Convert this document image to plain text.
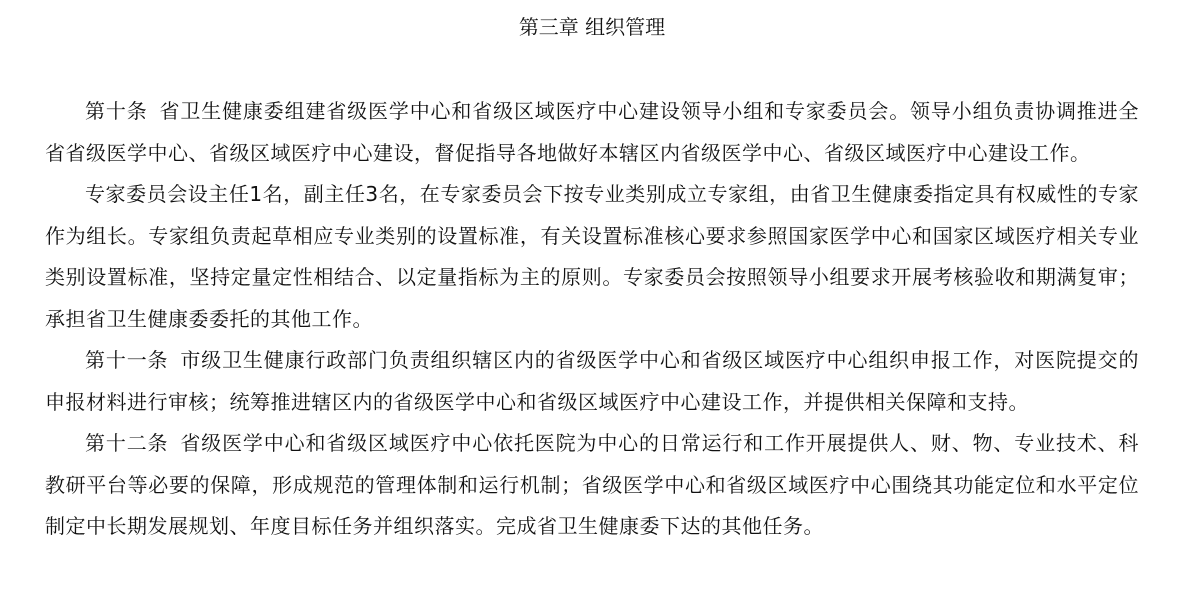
第三章 组织管理

第十条 省卫生健康委组建省级医学中心和省级区域医疗中心建设领导小组和专家委员会。领导小组负责协调推进全省省级医学中心、省级区域医疗中心建设，督促指导各地做好本辖区内省级医学中心、省级区域医疗中心建设工作。

专家委员会设主任1名，副主任3名，在专家委员会下按专业类别成立专家组，由省卫生健康委指定具有权威性的专家作为组长。专家组负责起草相应专业类别的设置标准，有关设置标准核心要求参照国家医学中心和国家区域医疗相关专业类别设置标准，坚持定量定性相结合、以定量指标为主的原则。专家委员会按照领导小组要求开展考核验收和期满复审；承担省卫生健康委委托的其他工作。

第十一条 市级卫生健康行政部门负责组织辖区内的省级医学中心和省级区域医疗中心组织申报工作，对医院提交的申报材料进行审核；统筹推进辖区内的省级医学中心和省级区域医疗中心建设工作，并提供相关保障和支持。

第十二条 省级医学中心和省级区域医疗中心依托医院为中心的日常运行和工作开展提供人、财、物、专业技术、科教研平台等必要的保障，形成规范的管理体制和运行机制；省级医学中心和省级区域医疗中心围绕其功能定位和水平定位制定中长期发展规划、年度目标任务并组织落实。完成省卫生健康委下达的其他任务。
